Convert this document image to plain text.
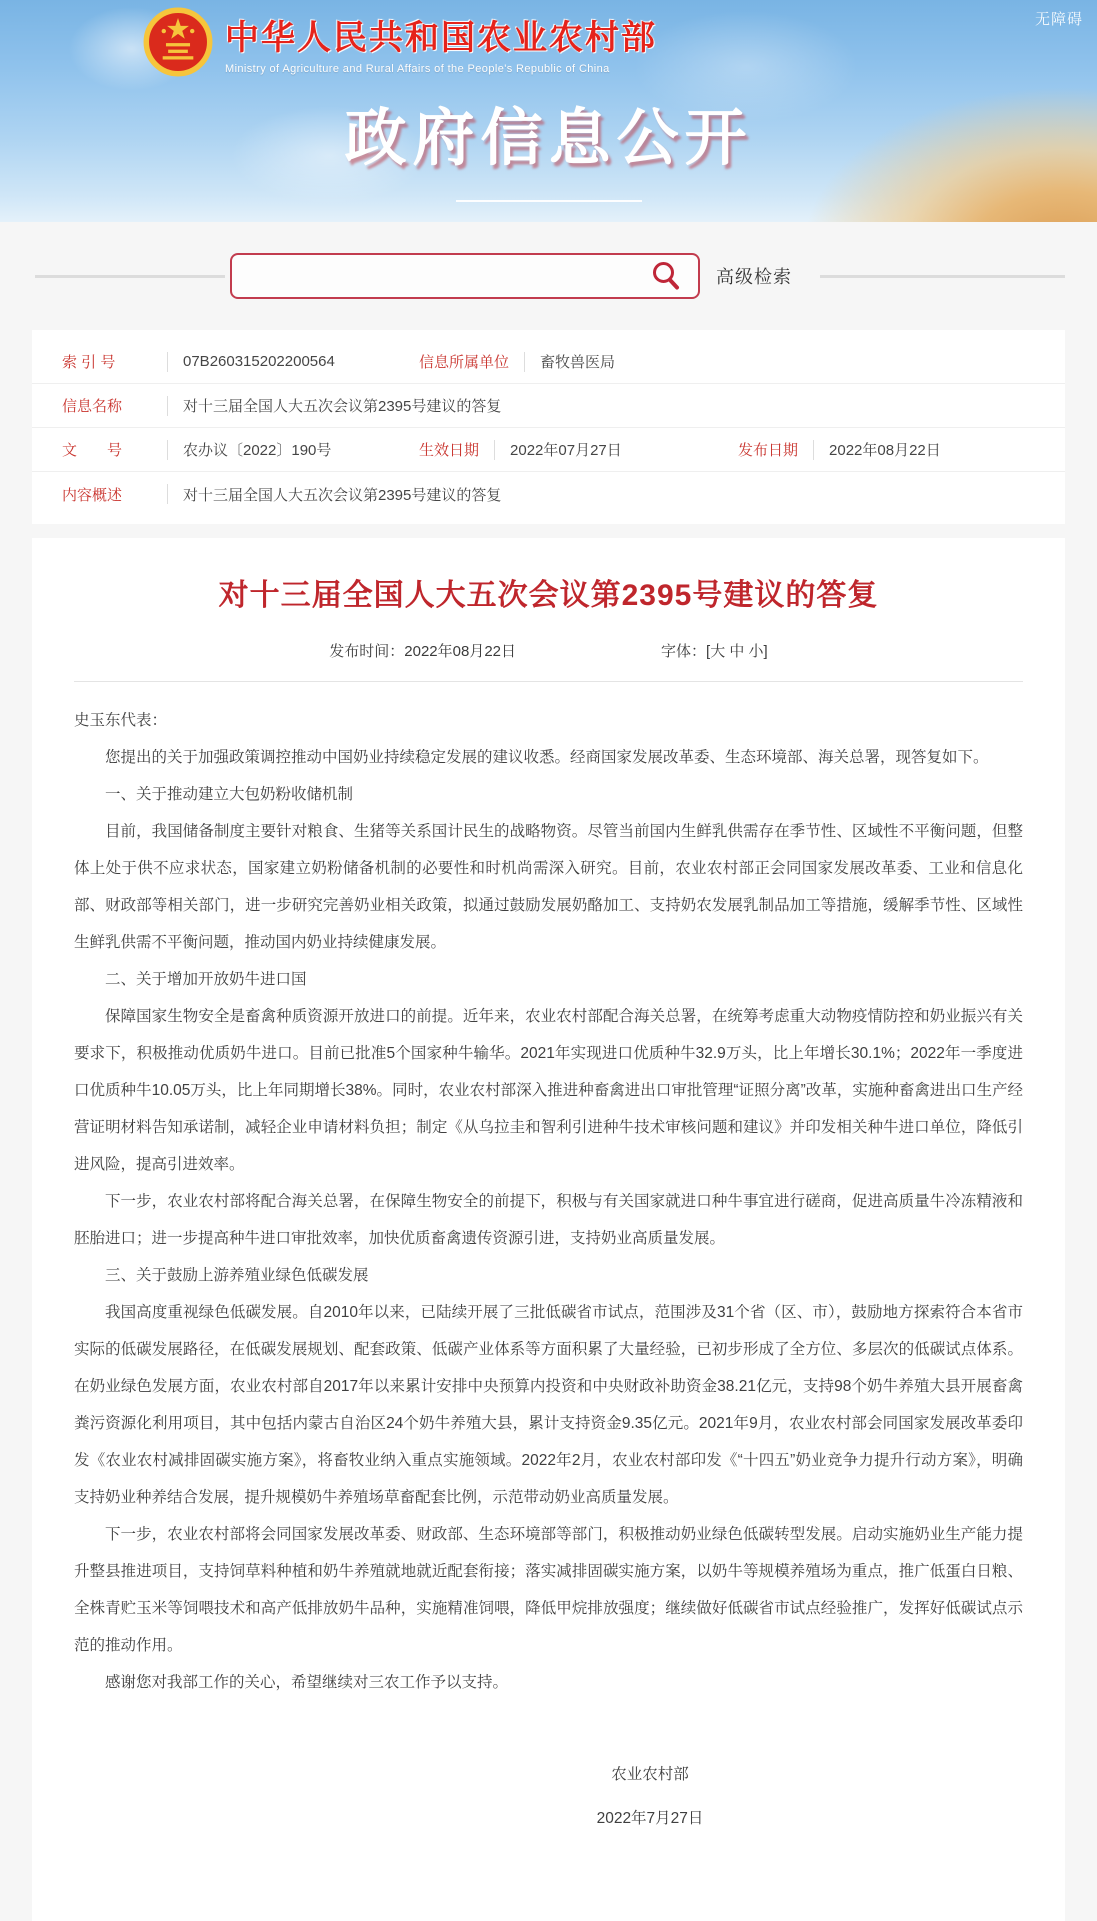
无障碍
中华人民共和国农业农村部
Ministry of Agriculture and Rural Affairs of the People's Republic of China
政府信息公开
高级检索
索 引 号	07B260315202200564	信息所属单位 畜牧兽医局
信息名称	对十三届全国人大五次会议第2395号建议的答复
文　　号	农办议〔2022〕190号	生效日期 2022年07月27日	发布日期 2022年08月22日
内容概述	对十三届全国人大五次会议第2395号建议的答复
对十三届全国人大五次会议第2395号建议的答复
发布时间：2022年08月22日	字体：[大 中 小]

史玉东代表：

您提出的关于加强政策调控推动中国奶业持续稳定发展的建议收悉。经商国家发展改革委、生态环境部、海关总署，现答复如下。

一、关于推动建立大包奶粉收储机制

目前，我国储备制度主要针对粮食、生猪等关系国计民生的战略物资。尽管当前国内生鲜乳供需存在季节性、区域性不平衡问题，但整体上处于供不应求状态，国家建立奶粉储备机制的必要性和时机尚需深入研究。目前，农业农村部正会同国家发展改革委、工业和信息化部、财政部等相关部门，进一步研究完善奶业相关政策，拟通过鼓励发展奶酪加工、支持奶农发展乳制品加工等措施，缓解季节性、区域性生鲜乳供需不平衡问题，推动国内奶业持续健康发展。

二、关于增加开放奶牛进口国

保障国家生物安全是畜禽种质资源开放进口的前提。近年来，农业农村部配合海关总署，在统筹考虑重大动物疫情防控和奶业振兴有关要求下，积极推动优质奶牛进口。目前已批准5个国家种牛输华。2021年实现进口优质种牛32.9万头，比上年增长30.1%；2022年一季度进口优质种牛10.05万头，比上年同期增长38%。同时，农业农村部深入推进种畜禽进出口审批管理“证照分离”改革，实施种畜禽进出口生产经营证明材料告知承诺制，减轻企业申请材料负担；制定《从乌拉圭和智利引进种牛技术审核问题和建议》并印发相关种牛进口单位，降低引进风险，提高引进效率。

下一步，农业农村部将配合海关总署，在保障生物安全的前提下，积极与有关国家就进口种牛事宜进行磋商，促进高质量牛冷冻精液和胚胎进口；进一步提高种牛进口审批效率，加快优质畜禽遗传资源引进，支持奶业高质量发展。

三、关于鼓励上游养殖业绿色低碳发展

我国高度重视绿色低碳发展。自2010年以来，已陆续开展了三批低碳省市试点，范围涉及31个省（区、市），鼓励地方探索符合本省市实际的低碳发展路径，在低碳发展规划、配套政策、低碳产业体系等方面积累了大量经验，已初步形成了全方位、多层次的低碳试点体系。在奶业绿色发展方面，农业农村部自2017年以来累计安排中央预算内投资和中央财政补助资金38.21亿元，支持98个奶牛养殖大县开展畜禽粪污资源化利用项目，其中包括内蒙古自治区24个奶牛养殖大县，累计支持资金9.35亿元。2021年9月，农业农村部会同国家发展改革委印发《农业农村减排固碳实施方案》，将畜牧业纳入重点实施领域。2022年2月，农业农村部印发《“十四五”奶业竞争力提升行动方案》，明确支持奶业种养结合发展，提升规模奶牛养殖场草畜配套比例，示范带动奶业高质量发展。

下一步，农业农村部将会同国家发展改革委、财政部、生态环境部等部门，积极推动奶业绿色低碳转型发展。启动实施奶业生产能力提升整县推进项目，支持饲草料种植和奶牛养殖就地就近配套衔接；落实减排固碳实施方案，以奶牛等规模养殖场为重点，推广低蛋白日粮、全株青贮玉米等饲喂技术和高产低排放奶牛品种，实施精准饲喂，降低甲烷排放强度；继续做好低碳省市试点经验推广，发挥好低碳试点示范的推动作用。

感谢您对我部工作的关心，希望继续对三农工作予以支持。

农业农村部
2022年7月27日
